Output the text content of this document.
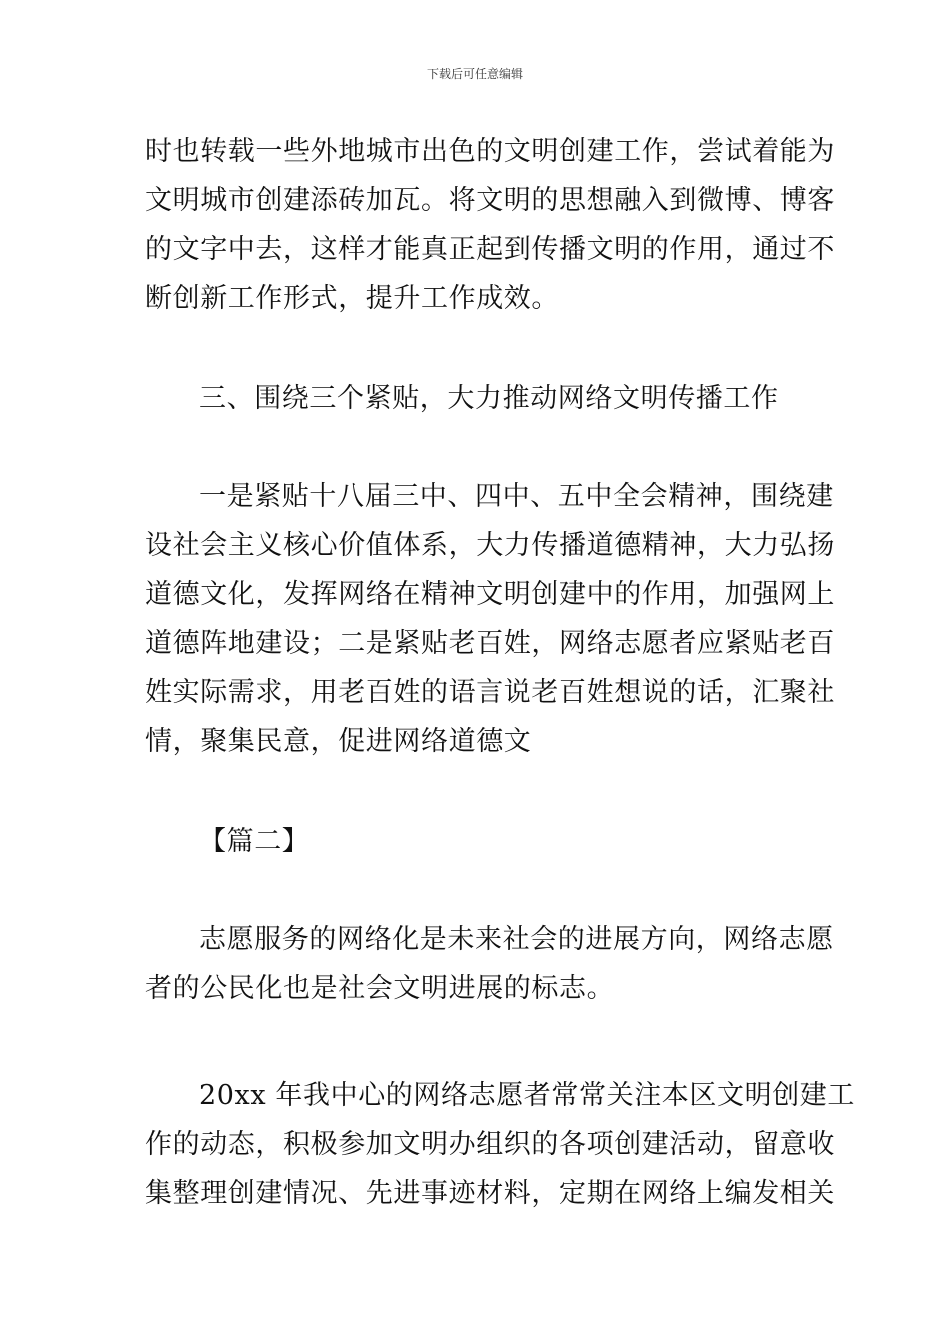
下载后可任意编辑
时也转载一些外地城市出色的文明创建工作，尝试着能为
文明城市创建添砖加瓦。将文明的思想融入到微博、博客
的文字中去，这样才能真正起到传播文明的作用，通过不
断创新工作形式，提升工作成效。
三、围绕三个紧贴，大力推动网络文明传播工作
一是紧贴十八届三中、四中、五中全会精神，围绕建
设社会主义核心价值体系，大力传播道德精神，大力弘扬
道德文化，发挥网络在精神文明创建中的作用，加强网上
道德阵地建设；二是紧贴老百姓，网络志愿者应紧贴老百
姓实际需求，用老百姓的语言说老百姓想说的话，汇聚社
情，聚集民意，促进网络道德文
【篇二】
志愿服务的网络化是未来社会的进展方向，网络志愿
者的公民化也是社会文明进展的标志。
20xx 年我中心的网络志愿者常常关注本区文明创建工
作的动态，积极参加文明办组织的各项创建活动，留意收
集整理创建情况、先进事迹材料，定期在网络上编发相关
